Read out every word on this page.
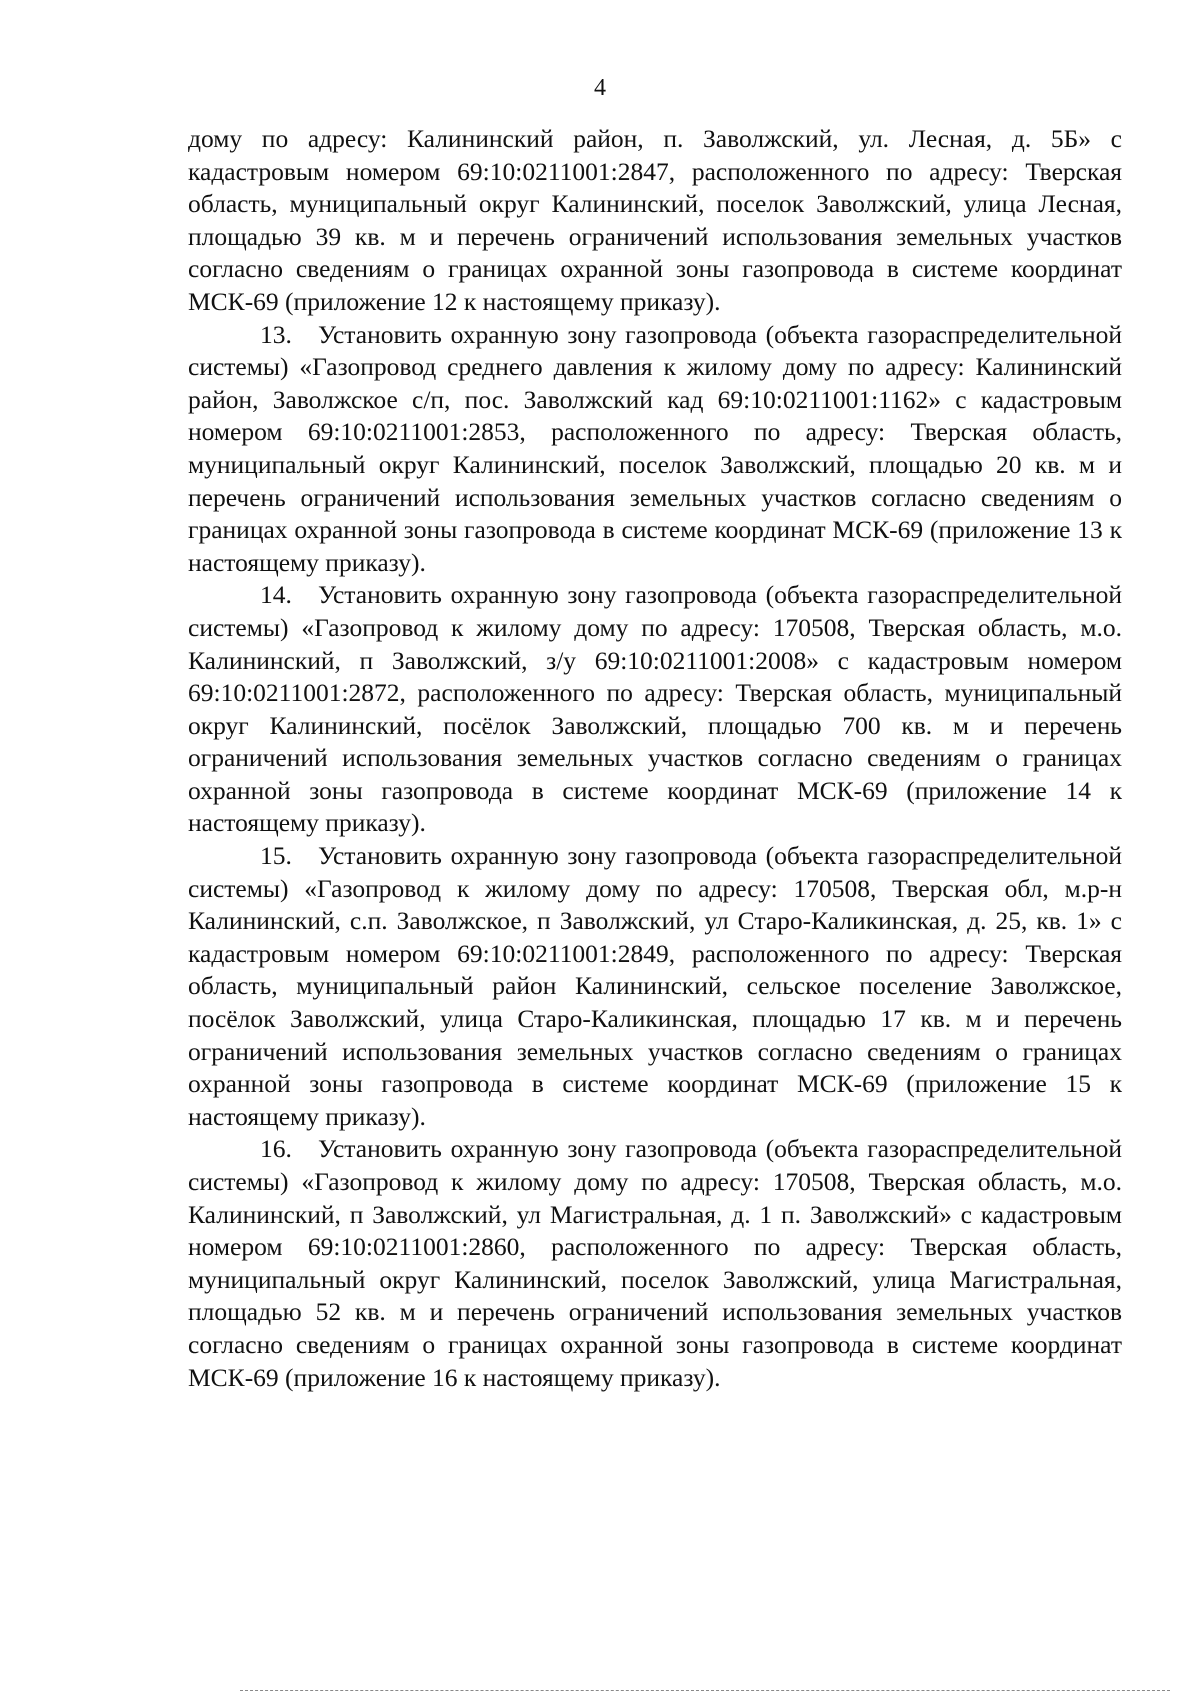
4

дому по адресу: Калининский район, п. Заволжский, ул. Лесная, д. 5Б» с кадастровым номером 69:10:0211001:2847, расположенного по адресу: Тверская область, муниципальный округ Калининский, поселок Заволжский, улица Лесная, площадью 39 кв. м и перечень ограничений использования земельных участков согласно сведениям о границах охранной зоны газопровода в системе координат МСК-69 (приложение 12 к настоящему приказу).

13. Установить охранную зону газопровода (объекта газораспределительной системы) «Газопровод среднего давления к жилому дому по адресу: Калининский район, Заволжское с/п, пос. Заволжский кад 69:10:0211001:1162» с кадастровым номером 69:10:0211001:2853, расположенного по адресу: Тверская область, муниципальный округ Калининский, поселок Заволжский, площадью 20 кв. м и перечень ограничений использования земельных участков согласно сведениям о границах охранной зоны газопровода в системе координат МСК-69 (приложение 13 к настоящему приказу).

14. Установить охранную зону газопровода (объекта газораспределительной системы) «Газопровод к жилому дому по адресу: 170508, Тверская область, м.о. Калининский, п Заволжский, з/у 69:10:0211001:2008» с кадастровым номером 69:10:0211001:2872, расположенного по адресу: Тверская область, муниципальный округ Калининский, посёлок Заволжский, площадью 700 кв. м и перечень ограничений использования земельных участков согласно сведениям о границах охранной зоны газопровода в системе координат МСК-69 (приложение 14 к настоящему приказу).

15. Установить охранную зону газопровода (объекта газораспределительной системы) «Газопровод к жилому дому по адресу: 170508, Тверская обл, м.р-н Калининский, с.п. Заволжское, п Заволжский, ул Старо-Каликинская, д. 25, кв. 1» с кадастровым номером 69:10:0211001:2849, расположенного по адресу: Тверская область, муниципальный район Калининский, сельское поселение Заволжское, посёлок Заволжский, улица Старо-Каликинская, площадью 17 кв. м и перечень ограничений использования земельных участков согласно сведениям о границах охранной зоны газопровода в системе координат МСК-69 (приложение 15 к настоящему приказу).

16. Установить охранную зону газопровода (объекта газораспределительной системы) «Газопровод к жилому дому по адресу: 170508, Тверская область, м.о. Калининский, п Заволжский, ул Магистральная, д. 1 п. Заволжский» с кадастровым номером 69:10:0211001:2860, расположенного по адресу: Тверская область, муниципальный округ Калининский, поселок Заволжский, улица Магистральная, площадью 52 кв. м и перечень ограничений использования земельных участков согласно сведениям о границах охранной зоны газопровода в системе координат МСК-69 (приложение 16 к настоящему приказу).
